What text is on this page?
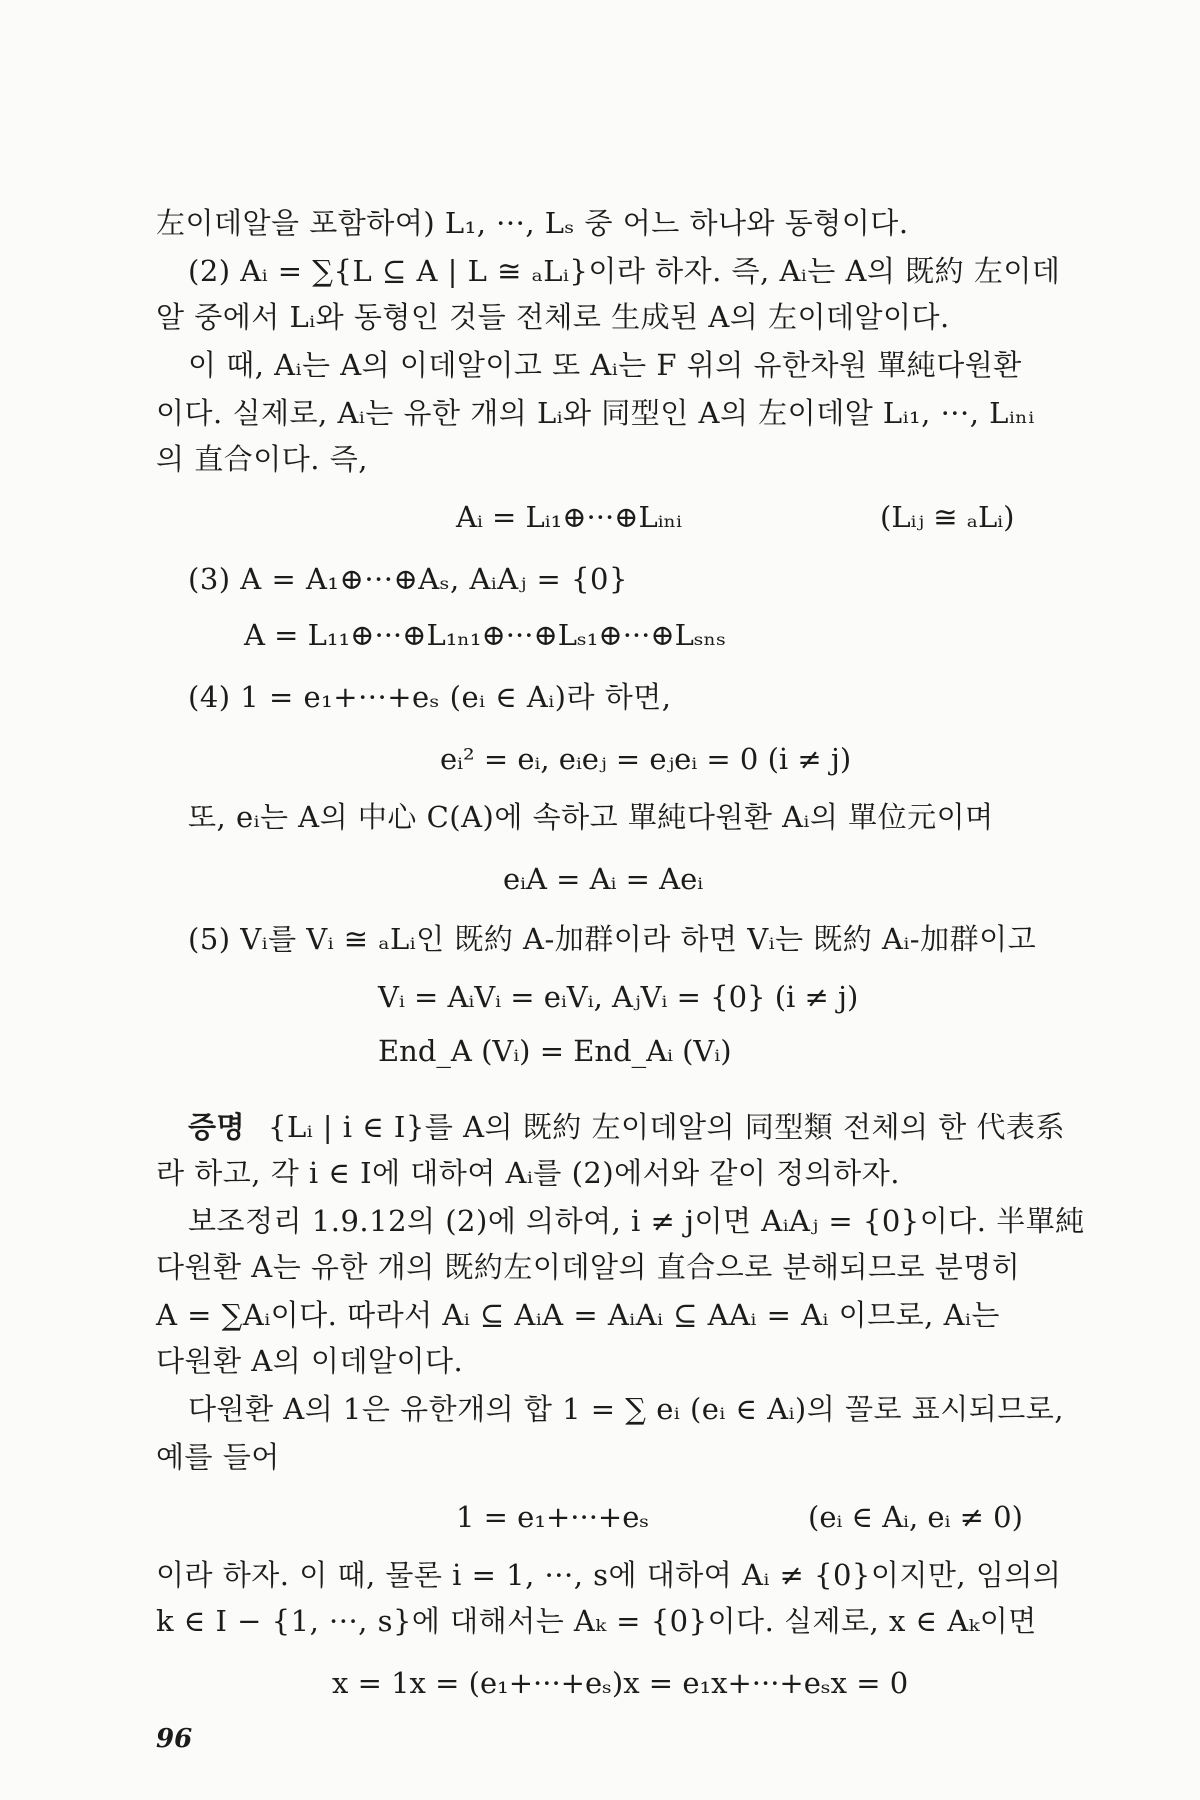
左이데알을 포함하여) L₁, ···, Lₛ 중 어느 하나와 동형이다.
(2) Aᵢ = ∑{L ⊆ A | L ≅ ₐLᵢ}이라 하자. 즉, Aᵢ는 A의 既約 左이데
알 중에서 Lᵢ와 동형인 것들 전체로 生成된 A의 左이데알이다.
이 때, Aᵢ는 A의 이데알이고 또 Aᵢ는 F 위의 유한차원 單純다원환
이다. 실제로, Aᵢ는 유한 개의 Lᵢ와 同型인 A의 左이데알 Lᵢ₁, ···, Lᵢₙᵢ
의 直合이다. 즉,
Aᵢ = Lᵢ₁⊕···⊕Lᵢₙᵢ	(Lᵢⱼ ≅ ₐLᵢ)
(3) A = A₁⊕···⊕Aₛ, AᵢAⱼ = {0}
A = L₁₁⊕···⊕L₁ₙ₁⊕···⊕Lₛ₁⊕···⊕Lₛₙₛ
(4) 1 = e₁+···+eₛ (eᵢ ∈ Aᵢ)라 하면,
eᵢ² = eᵢ, eᵢeⱼ = eⱼeᵢ = 0 (i ≠ j)
또, eᵢ는 A의 中心 C(A)에 속하고 單純다원환 Aᵢ의 單位元이며
eᵢA = Aᵢ = Aeᵢ
(5) Vᵢ를 Vᵢ ≅ ₐLᵢ인 既約 A-加群이라 하면 Vᵢ는 既約 Aᵢ-加群이고
Vᵢ = AᵢVᵢ = eᵢVᵢ, AⱼVᵢ = {0} (i ≠ j)
End_A (Vᵢ) = End_Aᵢ (Vᵢ)
증명 {Lᵢ | i ∈ I}를 A의 既約 左이데알의 同型類 전체의 한 代表系
라 하고, 각 i ∈ I에 대하여 Aᵢ를 (2)에서와 같이 정의하자.
보조정리 1.9.12의 (2)에 의하여, i ≠ j이면 AᵢAⱼ = {0}이다. 半單純
다원환 A는 유한 개의 既約左이데알의 直合으로 분해되므로 분명히
A = ∑Aᵢ이다. 따라서 Aᵢ ⊆ AᵢA = AᵢAᵢ ⊆ AAᵢ = Aᵢ 이므로, Aᵢ는
다원환 A의 이데알이다.
다원환 A의 1은 유한개의 합 1 = ∑ eᵢ (eᵢ ∈ Aᵢ)의 꼴로 표시되므로,
예를 들어
1 = e₁+···+eₛ	(eᵢ ∈ Aᵢ, eᵢ ≠ 0)
이라 하자. 이 때, 물론 i = 1, ···, s에 대하여 Aᵢ ≠ {0}이지만, 임의의
k ∈ I − {1, ···, s}에 대해서는 Aₖ = {0}이다. 실제로, x ∈ Aₖ이면
x = 1x = (e₁+···+eₛ)x = e₁x+···+eₛx = 0
96
